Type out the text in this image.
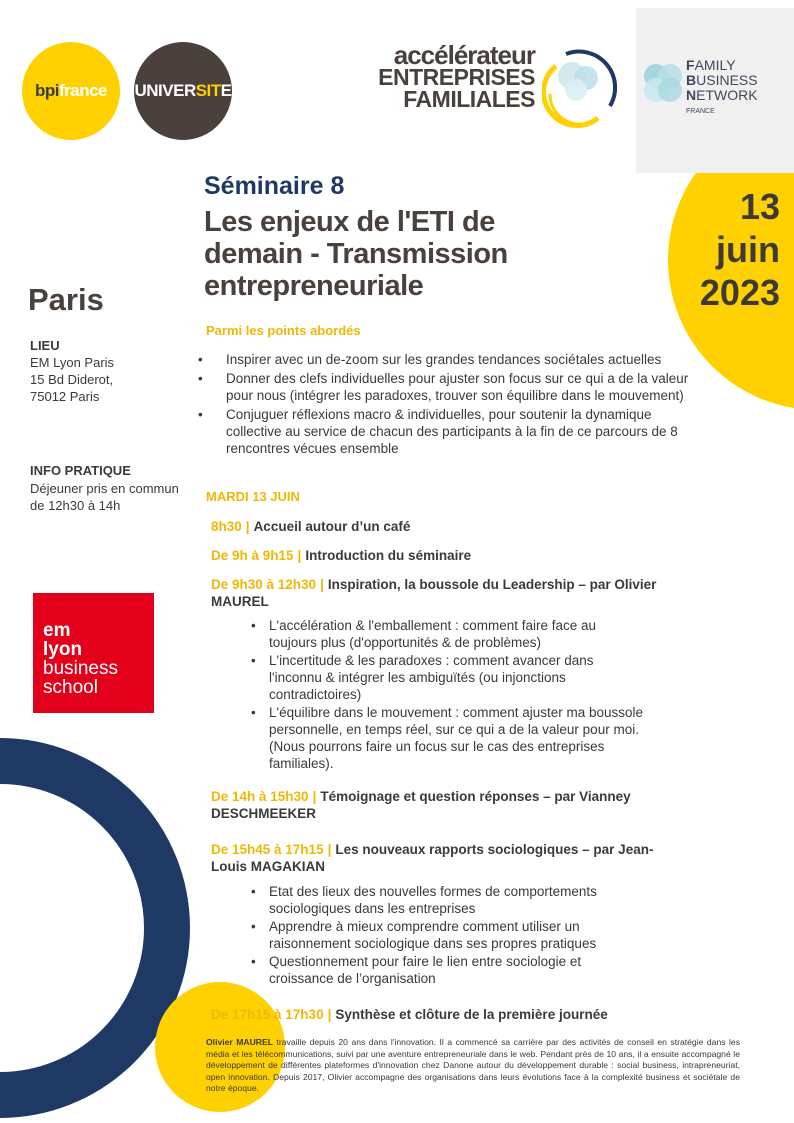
bpi france UNIVER SIT E
accélérateur
ENTREPRISES
FAMILIALES
FAMILY
BUSINESS
NETWORK
FRANCE
13
juin
2023
Séminaire 8
Les enjeux de l'ETI de demain - Transmission entrepreneuriale
Paris
LIEU
EM Lyon Paris
15 Bd Diderot,
75012 Paris
INFO PRATIQUE
Déjeuner pris en commun de 12h30 à 14h
em
lyon
business
school
Parmi les points abordés
• Inspirer avec un de-zoom sur les grandes tendances sociétales actuelles
• Donner des clefs individuelles pour ajuster son focus sur ce qui a de la valeur pour nous (intégrer les paradoxes, trouver son équilibre dans le mouvement)
• Conjuguer réflexions macro & individuelles, pour soutenir la dynamique collective au service de chacun des participants à la fin de ce parcours de 8 rencontres vécues ensemble
MARDI 13 JUIN
8h30 | Accueil autour d’un café
De 9h à 9h15 | Introduction du séminaire
De 9h30 à 12h30 | Inspiration, la boussole du Leadership – par Olivier MAUREL
• L'accélération & l'emballement : comment faire face au toujours plus (d'opportunités & de problèmes)
• L'incertitude & les paradoxes : comment avancer dans l'inconnu & intégrer les ambiguïtés (ou injonctions contradictoires)
• L'équilibre dans le mouvement : comment ajuster ma boussole personnelle, en temps réel, sur ce qui a de la valeur pour moi. (Nous pourrons faire un focus sur le cas des entreprises familiales).
De 14h à 15h30 | Témoignage et question réponses – par Vianney DESCHMEEKER
De 15h45 à 17h15 | Les nouveaux rapports sociologiques – par Jean-Louis MAGAKIAN
• Etat des lieux des nouvelles formes de comportements sociologiques dans les entreprises
• Apprendre à mieux comprendre comment utiliser un raisonnement sociologique dans ses propres pratiques
• Questionnement pour faire le lien entre sociologie et croissance de l’organisation
De 17h15 à 17h30 | Synthèse et clôture de la première journée
Olivier MAUREL travaille depuis 20 ans dans l'innovation. Il a commencé sa carrière par des activités de conseil en stratégie dans les média et les télécommunications, suivi par une aventure entrepreneuriale dans le web. Pendant près de 10 ans, il a ensuite accompagné le développement de différentes plateformes d'innovation chez Danone autour du développement durable : social business, intrapreneuriat, open innovation. Depuis 2017, Olivier accompagne des organisations dans leurs évolutions face à la complexité business et sociétale de notre époque.
